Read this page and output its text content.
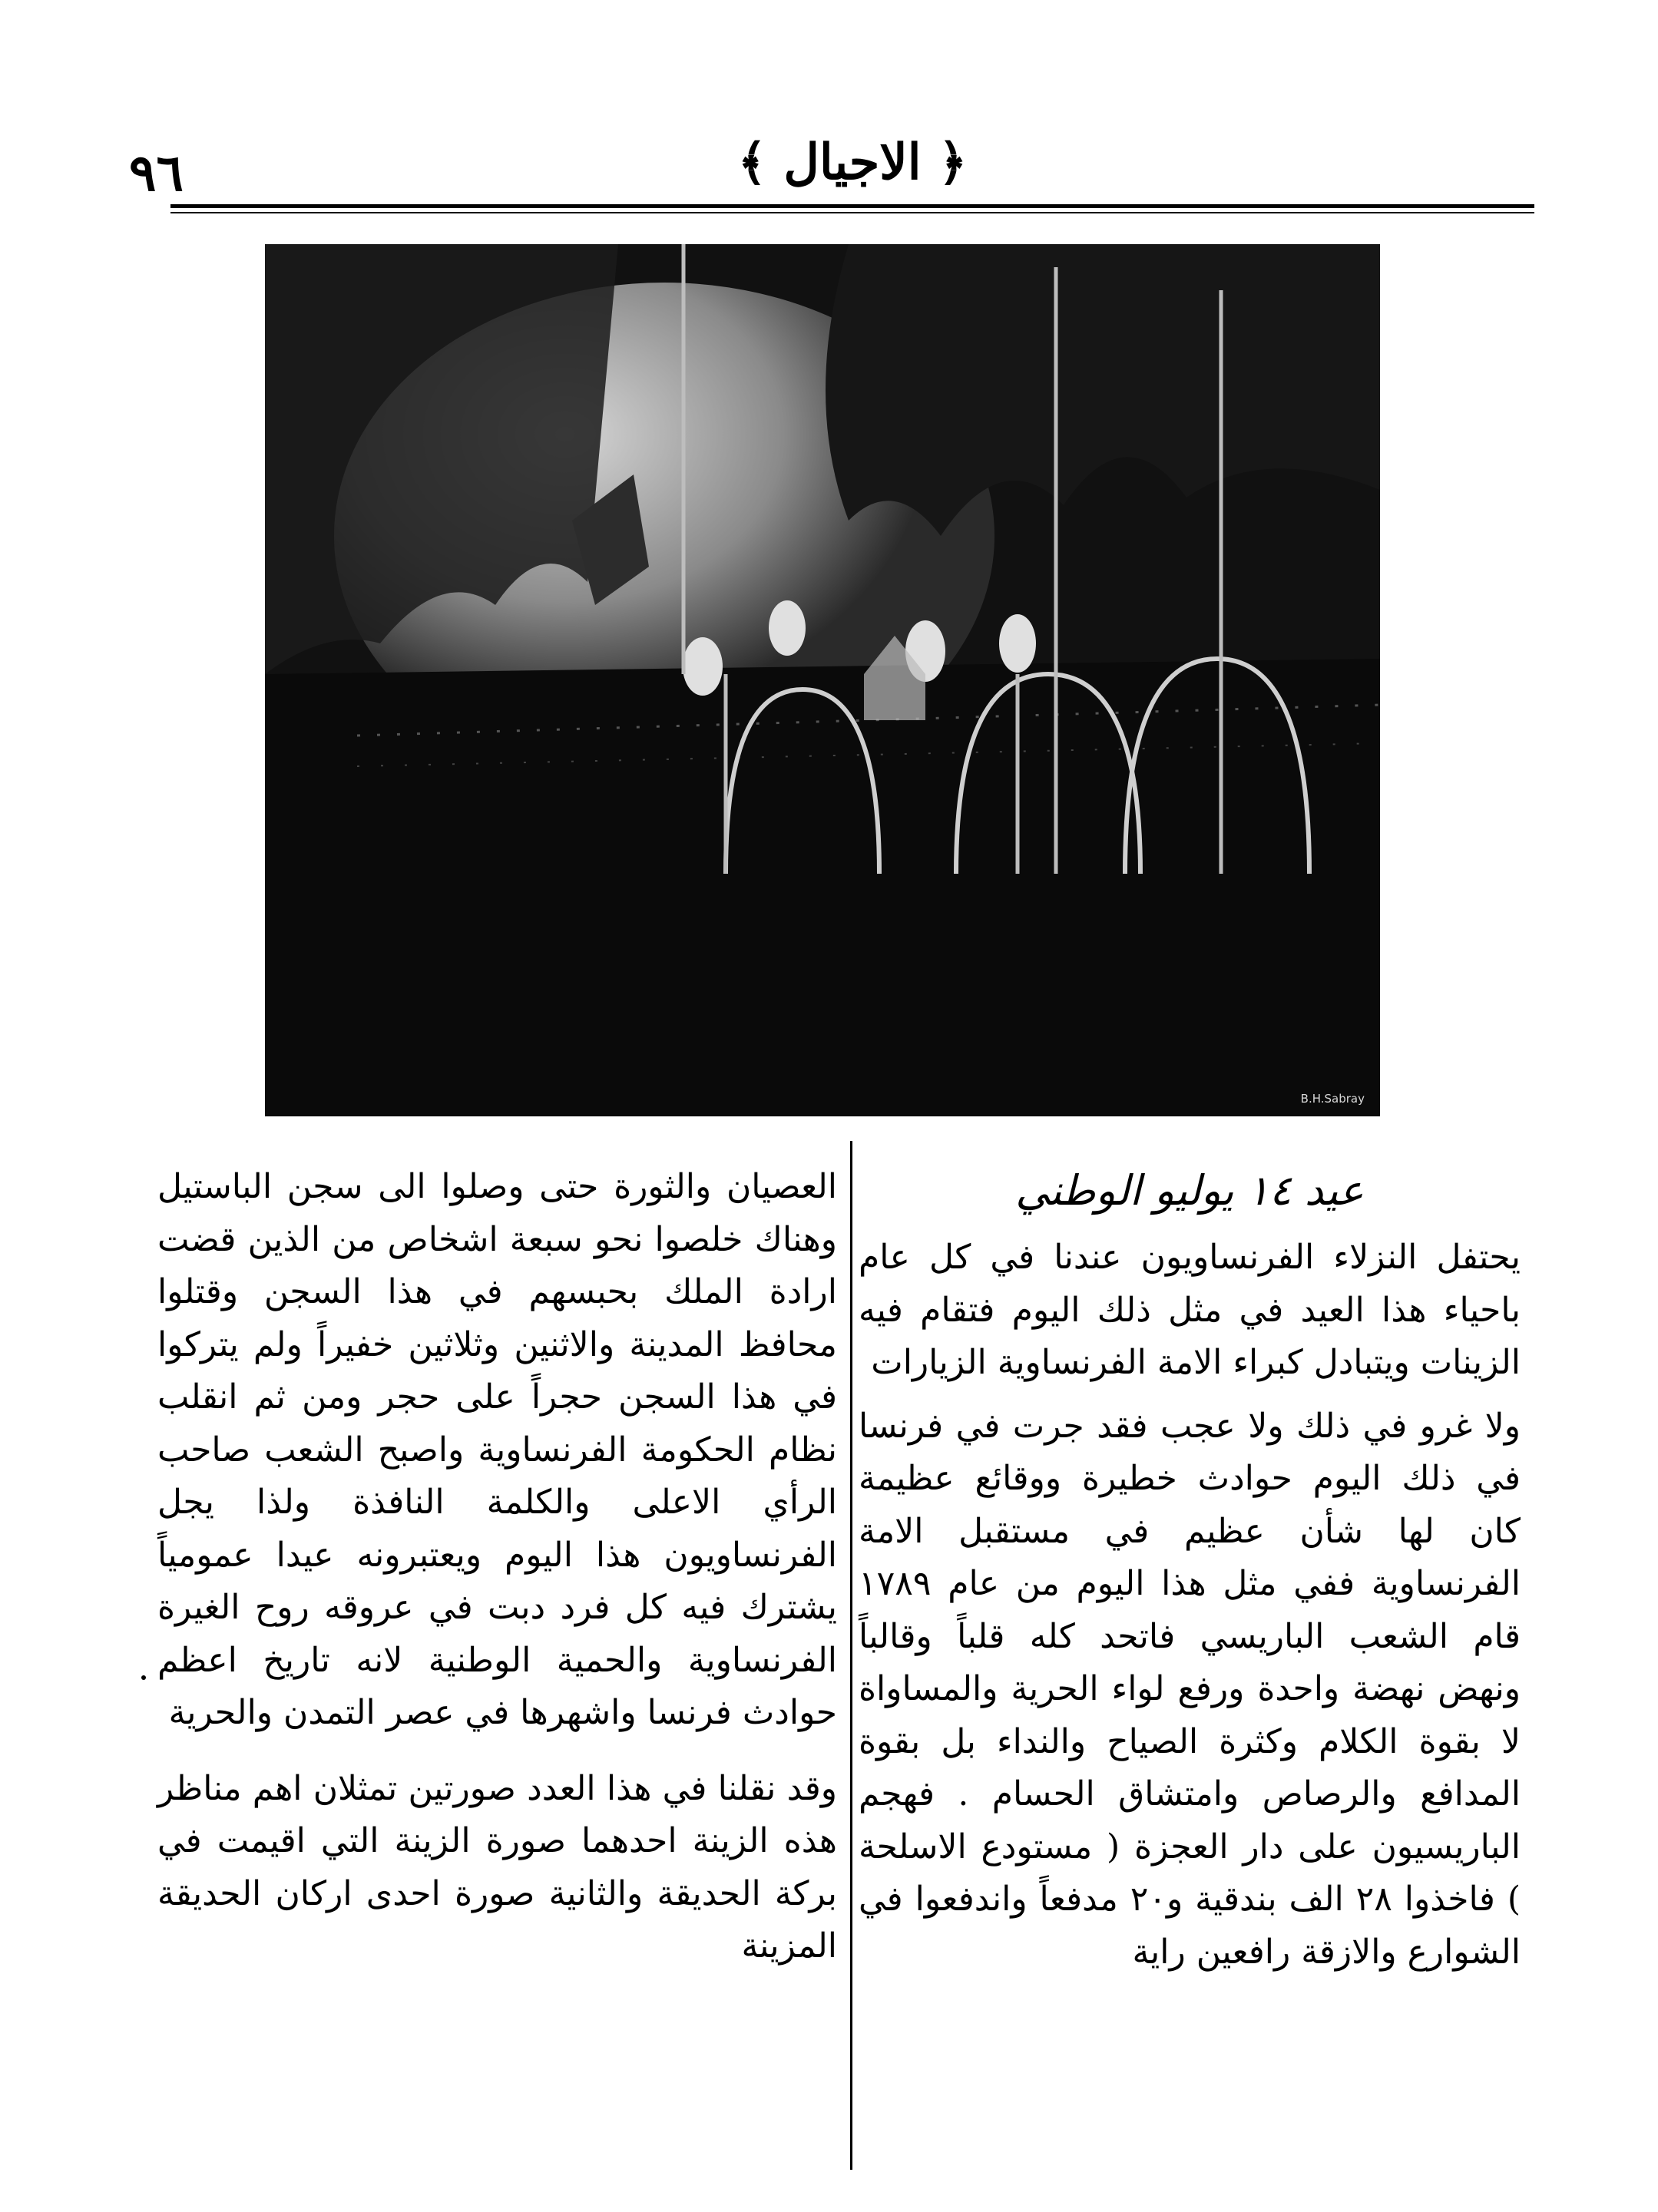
٩٦	﴿ الاجيال ﴾
B.H.Sabray
عيد ١٤ يوليو الوطني
يحتفل النزلاء الفرنساويون عندنا في كل عام باحياء هذا العيد في مثل ذلك اليوم فتقام فيه الزينات ويتبادل كبراء الامة الفرنساوية الزيارات
ولا غرو في ذلك ولا عجب فقد جرت في فرنسا في ذلك اليوم حوادث خطيرة ووقائع عظيمة كان لها شأن عظيم في مستقبل الامة الفرنساوية ففي مثل هذا اليوم من عام ١٧٨٩ قام الشعب الباريسي فاتحد كله قلباً وقالباً ونهض نهضة واحدة ورفع لواء الحرية والمساواة لا بقوة الكلام وكثرة الصياح والنداء بل بقوة المدافع والرصاص وامتشاق الحسام . فهجم الباريسيون على دار العجزة ( مستودع الاسلحة ) فاخذوا ٢٨ الف بندقية و٢٠ مدفعاً واندفعوا في الشوارع والازقة رافعين راية
العصيان والثورة حتى وصلوا الى سجن الباستيل وهناك خلصوا نحو سبعة اشخاص من الذين قضت ارادة الملك بحبسهم في هذا السجن وقتلوا محافظ المدينة والاثنين وثلاثين خفيراً ولم يتركوا في هذا السجن حجراً على حجر ومن ثم انقلب نظام الحكومة الفرنساوية واصبح الشعب صاحب الرأي الاعلى والكلمة النافذة ولذا يجل الفرنساويون هذا اليوم ويعتبرونه عيدا عمومياً يشترك فيه كل فرد دبت في عروقه روح الغيرة الفرنساوية والحمية الوطنية لانه تاريخ اعظم حوادث فرنسا واشهرها في عصر التمدن والحرية
وقد نقلنا في هذا العدد صورتين تمثلان اهم مناظر هذه الزينة احدهما صورة الزينة التي اقيمت في بركة الحديقة والثانية صورة احدى اركان الحديقة المزينة
